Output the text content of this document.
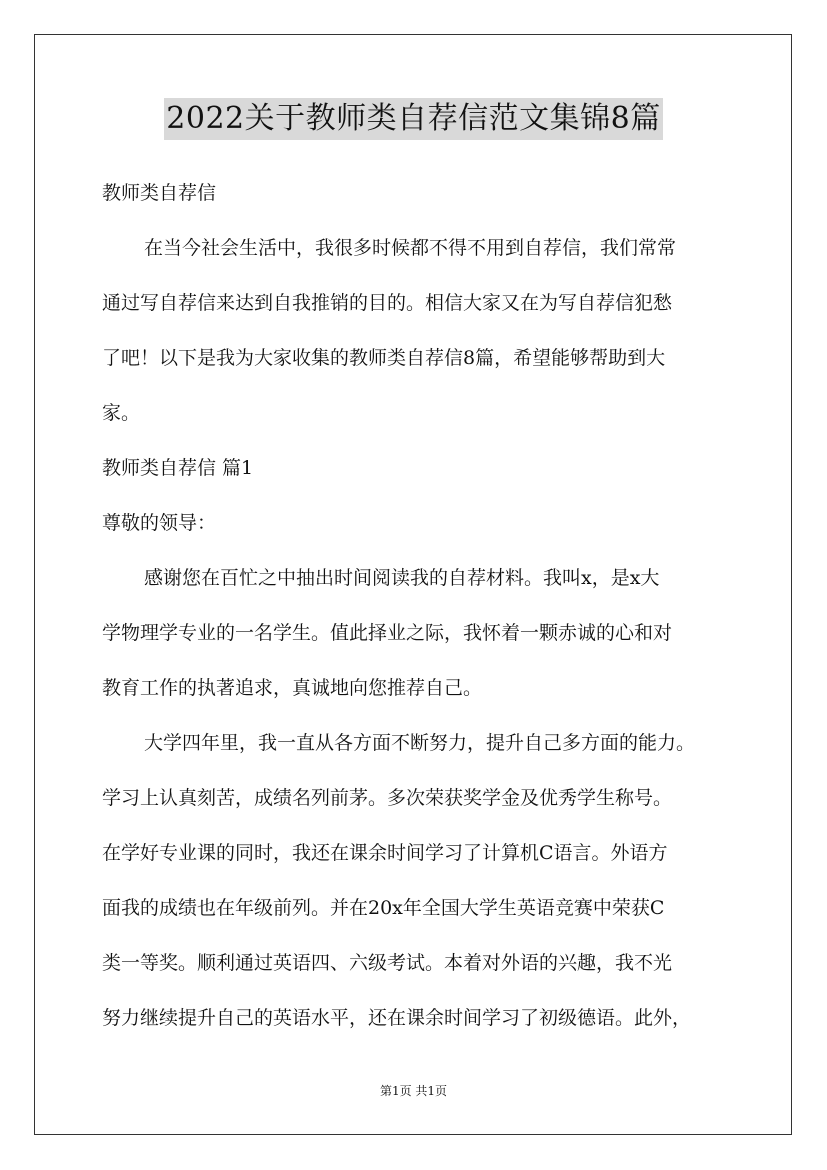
2022关于教师类自荐信范文集锦8篇
教师类自荐信
在当今社会生活中，我很多时候都不得不用到自荐信，我们常常
通过写自荐信来达到自我推销的目的。相信大家又在为写自荐信犯愁
了吧！以下是我为大家收集的教师类自荐信8篇，希望能够帮助到大
家。
教师类自荐信 篇1
尊敬的领导：
感谢您在百忙之中抽出时间阅读我的自荐材料。我叫x，是x大
学物理学专业的一名学生。值此择业之际，我怀着一颗赤诚的心和对
教育工作的执著追求，真诚地向您推荐自己。
大学四年里，我一直从各方面不断努力，提升自己多方面的能力。
学习上认真刻苦，成绩名列前茅。多次荣获奖学金及优秀学生称号。
在学好专业课的同时，我还在课余时间学习了计算机C语言。外语方
面我的成绩也在年级前列。并在20x年全国大学生英语竞赛中荣获C
类一等奖。顺利通过英语四、六级考试。本着对外语的兴趣，我不光
努力继续提升自己的英语水平，还在课余时间学习了初级德语。此外，
第1页 共1页
